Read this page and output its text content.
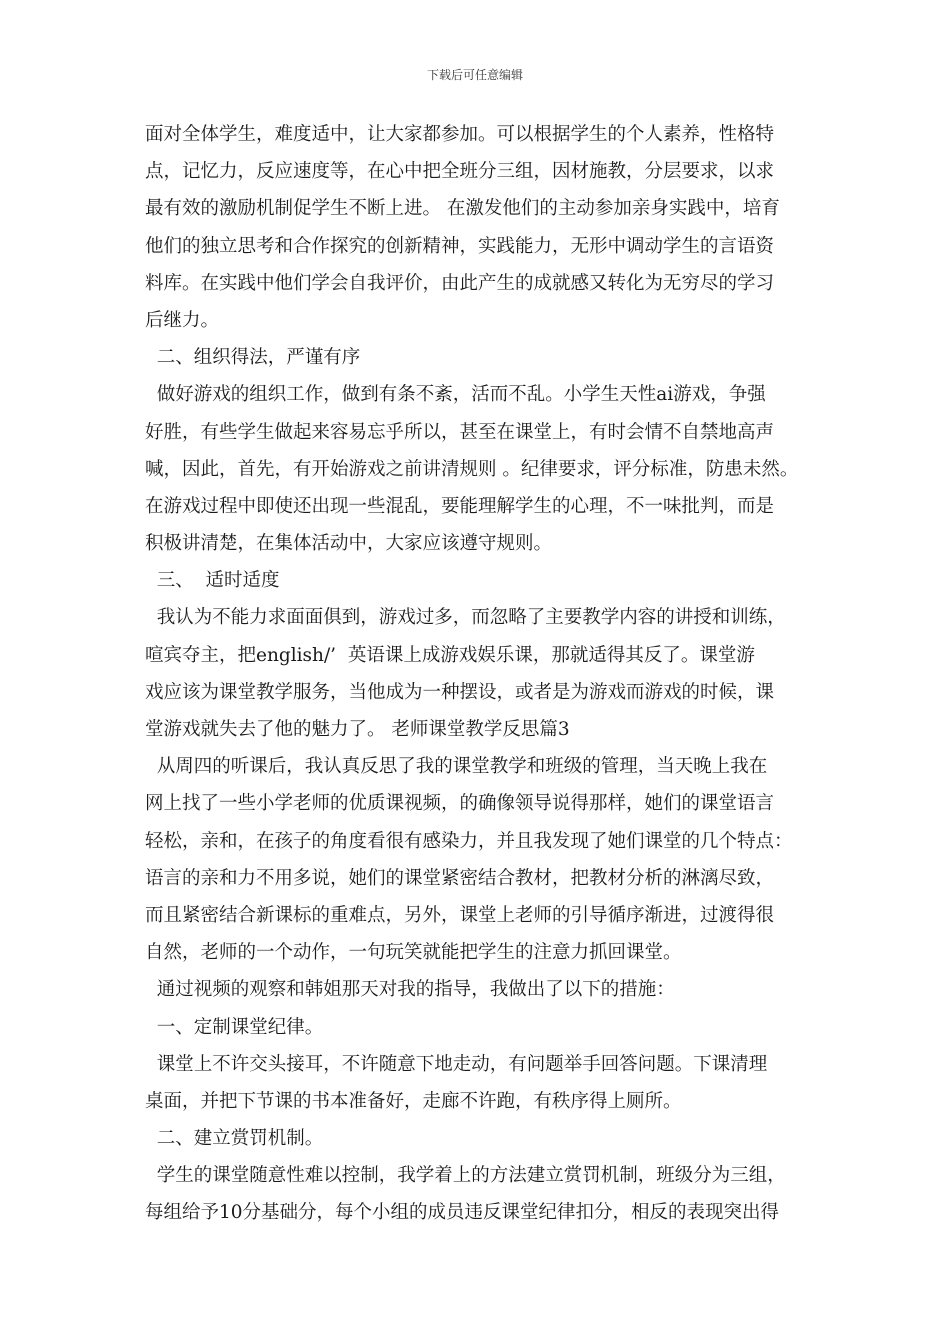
下载后可任意编辑
面对全体学生，难度适中，让大家都参加。可以根据学生的个人素养，性格特
点，记忆力，反应速度等，在心中把全班分三组，因材施教，分层要求，以求
最有效的激励机制促学生不断上进。 在激发他们的主动参加亲身实践中，培育
他们的独立思考和合作探究的创新精神，实践能力，无形中调动学生的言语资
料库。在实践中他们学会自我评价，由此产生的成就感又转化为无穷尽的学习
后继力。
二、组织得法，严谨有序
做好游戏的组织工作，做到有条不紊，活而不乱。小学生天性ai游戏，争强
好胜，有些学生做起来容易忘乎所以，甚至在课堂上，有时会情不自禁地高声
喊，因此，首先，有开始游戏之前讲清规则 。纪律要求，评分标准，防患未然。
在游戏过程中即使还出现一些混乱，要能理解学生的心理，不一味批判，而是
积极讲清楚，在集体活动中，大家应该遵守规则。
三、  适时适度
我认为不能力求面面俱到，游戏过多，而忽略了主要教学内容的讲授和训练，
喧宾夺主，把english/’  英语课上成游戏娱乐课，那就适得其反了。课堂游
戏应该为课堂教学服务，当他成为一种摆设，或者是为游戏而游戏的时候，课
堂游戏就失去了他的魅力了。 老师课堂教学反思篇3
从周四的听课后，我认真反思了我的课堂教学和班级的管理，当天晚上我在
网上找了一些小学老师的优质课视频，的确像领导说得那样，她们的课堂语言
轻松，亲和，在孩子的角度看很有感染力，并且我发现了她们课堂的几个特点：
语言的亲和力不用多说，她们的课堂紧密结合教材，把教材分析的淋漓尽致，
而且紧密结合新课标的重难点，另外，课堂上老师的引导循序渐进，过渡得很
自然，老师的一个动作，一句玩笑就能把学生的注意力抓回课堂。
通过视频的观察和韩姐那天对我的指导，我做出了以下的措施：
一、定制课堂纪律。
课堂上不许交头接耳，不许随意下地走动，有问题举手回答问题。下课清理
桌面，并把下节课的书本准备好，走廊不许跑，有秩序得上厕所。
二、建立赏罚机制。
学生的课堂随意性难以控制，我学着上的方法建立赏罚机制，班级分为三组，
每组给予10分基础分，每个小组的成员违反课堂纪律扣分，相反的表现突出得
